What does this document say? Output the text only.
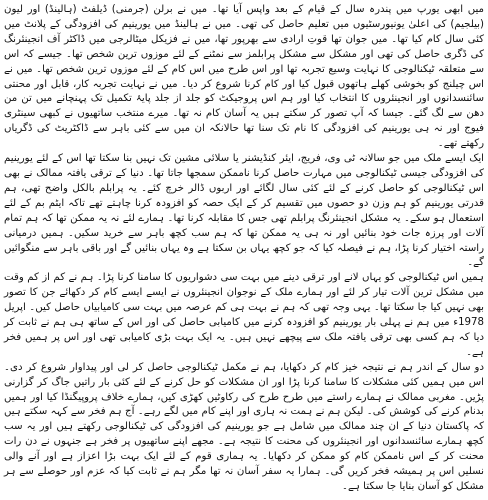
میں ابھی یورپ میں پندرہ سال کے قیام کے بعد واپس آیا تھا۔ میں نے برلن (جرمنی) ڈیلفٹ (ہالینڈ) اور لیون (بیلجیم) کی اعلیٰ یونیورسٹیوں میں تعلیم حاصل کی تھی۔ میں نے ہالینڈ میں یورینیم کی افزودگی کے پلانٹ میں کئی سال کام کیا تھا۔ میں جوان تھا قوتِ ارادی سے بھرپور تھا، میں نے فزیکل میٹالرجی میں ڈاکٹر آف انجینئرنگ کی ڈگری حاصل کی تھی اور مشکل سے مشکل پرابلمز سے نمٹنے کے لئے موزوں ترین شخص تھا۔ جیسے کہ اس سے متعلقہ ٹیکنالوجی کا نہایت وسیع تجربہ تھا اور اس طرح میں اس کام کے لئے موزوں ترین شخص تھا۔ میں نے اس چیلنج کو بخوشی کھلے ہاتھوں قبول کیا اور کام کرنا شروع کر دیا۔ میں نے نہایت تجربہ کار، قابل اور محنتی سائنسدانوں اور انجینئروں کا انتخاب کیا اور ہم اس پروجیکٹ کو جلد از جلد پایۂ تکمیل تک پہنچانے میں تن من دھن سے لگ گئے۔ جیسا کہ آپ تصور کر سکتے ہیں یہ آسان کام نہ تھا۔ میرے منتخب ساتھیوں نے کبھی سینٹری فیوج اور نہ ہی یورینیم کی افزودگی کا نام تک سنا تھا حالانکہ ان میں سے کئی باہر سے ڈاکٹریٹ کی ڈگریاں رکھتے تھے۔

ایک ایسے ملک میں جو سالانہ ٹی وی، فریج، ایئر کنڈیشنر یا سلائی مشین تک نہیں بنا سکتا تھا اس کے لئے یورینیم کی افزودگی جیسی ٹیکنالوجی میں مہارت حاصل کرنا ناممکن سمجھا جاتا تھا۔ دنیا کے ترقی یافتہ ممالک نے بھی اس ٹیکنالوجی کو حاصل کرنے کے لئے کئی سال لگائے اور اربوں ڈالر خرچ کئے۔ یہ پرابلم بالکل واضح تھی، ہم قدرتی یورینیم کو ہم وزن دو حصوں میں تقسیم کر کے ایک حصہ کو افزودہ کرنا چاہتے تھے تاکہ ایٹم بم کے لئے استعمال ہو سکے۔ یہ مشکل انجینئرنگ پرابلم تھی جس کا مقابلہ کرنا تھا۔ ہمارے لئے نہ یہ ممکن تھا کہ ہم تمام آلات اور پرزہ جات خود بنائیں اور نہ ہی یہ ممکن تھا کہ ہم سب کچھ باہر سے خرید سکیں۔ ہمیں درمیانی راستہ اختیار کرنا پڑا، ہم نے فیصلہ کیا کہ جو کچھ یہاں بن سکتا ہے وہ یہاں بنائیں گے اور باقی باہر سے منگوائیں گے۔

ہمیں اس ٹیکنالوجی کو یہاں لانے اور ترقی دینے میں بہت سی دشواریوں کا سامنا کرنا پڑا۔ ہم نے کم از کم وقت میں مشکل ترین آلات تیار کر لئے اور ہمارے ملک کے نوجوان انجینئروں نے ایسے ایسے کام کر دکھائے جن کا تصور بھی نہیں کیا جا سکتا تھا۔ یہی وجہ تھی کہ ہم نے بہت ہی کم عرصہ میں بہت سی کامیابیاں حاصل کیں۔ اپریل 1978ء میں ہم نے پہلی بار یورینیم کو افزودہ کرنے میں کامیابی حاصل کی اور اس کے ساتھ ہی ہم نے ثابت کر دیا کہ ہم کسی بھی ترقی یافتہ ملک سے پیچھے نہیں ہیں۔ یہ ایک بہت بڑی کامیابی تھی اور اس پر ہمیں فخر ہے۔

دو سال کے اندر ہم نے نتیجہ خیز کام کر دکھایا، ہم نے مکمل ٹیکنالوجی حاصل کر لی اور پیداوار شروع کر دی۔ اس میں ہمیں کئی مشکلات کا سامنا کرنا پڑا اور ان مشکلات کو حل کرنے کے لئے کئی بار راتیں جاگ کر گزارنی پڑیں۔ مغربی ممالک نے ہمارے راستے میں طرح طرح کی رکاوٹیں کھڑی کیں، ہمارے خلاف پروپیگنڈا کیا اور ہمیں بدنام کرنے کی کوشش کی۔ لیکن ہم نے ہمت نہ ہاری اور اپنے کام میں لگے رہے۔ آج ہم فخر سے کہہ سکتے ہیں کہ پاکستان دنیا کے ان چند ممالک میں شامل ہے جو یورینیم کی افزودگی کی ٹیکنالوجی رکھتے ہیں اور یہ سب کچھ ہمارے سائنسدانوں اور انجینئروں کی محنت کا نتیجہ ہے۔ مجھے اپنے ساتھیوں پر فخر ہے جنہوں نے دن رات محنت کر کے اس ناممکن کام کو ممکن کر دکھایا۔ یہ ہماری قوم کے لئے ایک بہت بڑا اعزاز ہے اور آنے والی نسلیں اس پر ہمیشہ فخر کریں گی۔ ہمارا یہ سفر آسان نہ تھا مگر ہم نے ثابت کیا کہ عزم اور حوصلے سے ہر مشکل کو آسان بنایا جا سکتا ہے۔
